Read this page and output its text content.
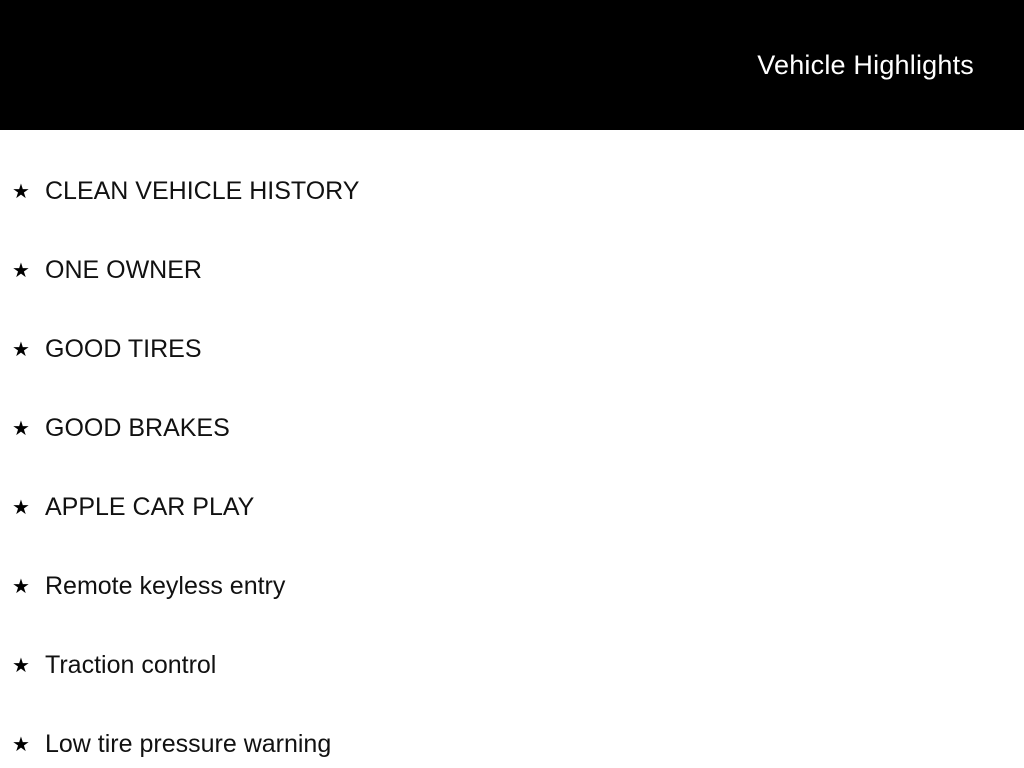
Vehicle Highlights
★ CLEAN VEHICLE HISTORY
★ ONE OWNER
★ GOOD TIRES
★ GOOD BRAKES
★ APPLE CAR PLAY
★ Remote keyless entry
★ Traction control
★ Low tire pressure warning
